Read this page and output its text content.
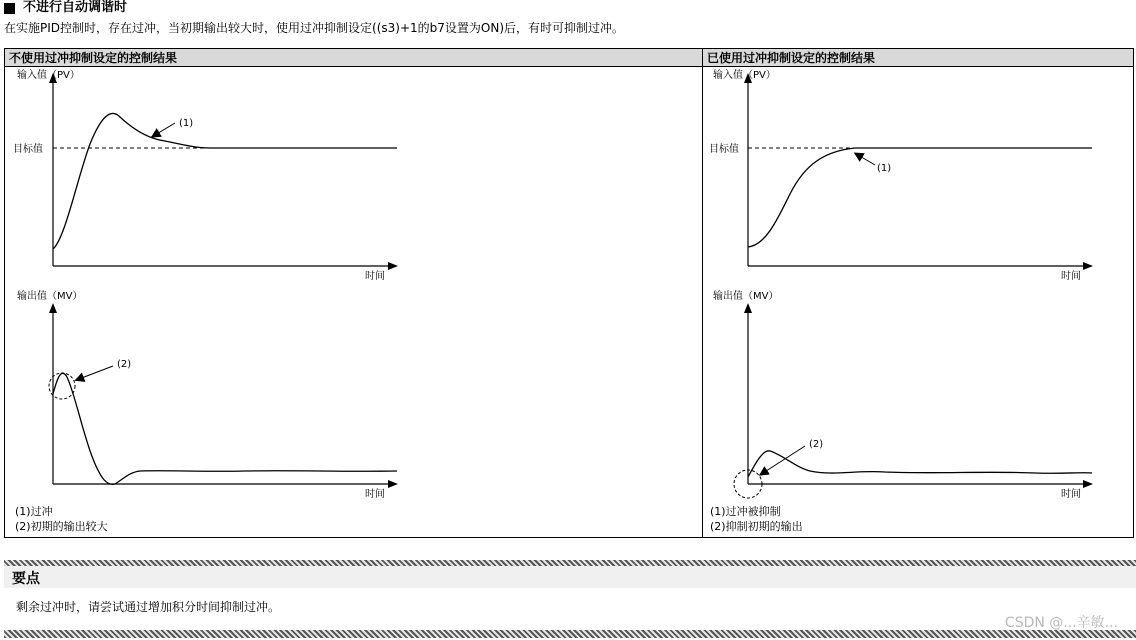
不进行自动调谐时
在实施PID控制时，存在过冲，当初期输出较大时，使用过冲抑制设定((s3)+1的b7设置为ON)后，有时可抑制过冲。
不使用过冲抑制设定的控制结果	已使用过冲抑制设定的控制结果
输入值（PV）
目标值
时间
(1)
输出值（MV）
时间
(2)
输入值（PV）
目标值
时间
(1)
输出值（MV）
时间
(2)
(1)过冲
(2)初期的输出较大
(1)过冲被抑制
(2)抑制初期的输出
要点
剩余过冲时，请尝试通过增加积分时间抑制过冲。
CSDN @...辛敏...
